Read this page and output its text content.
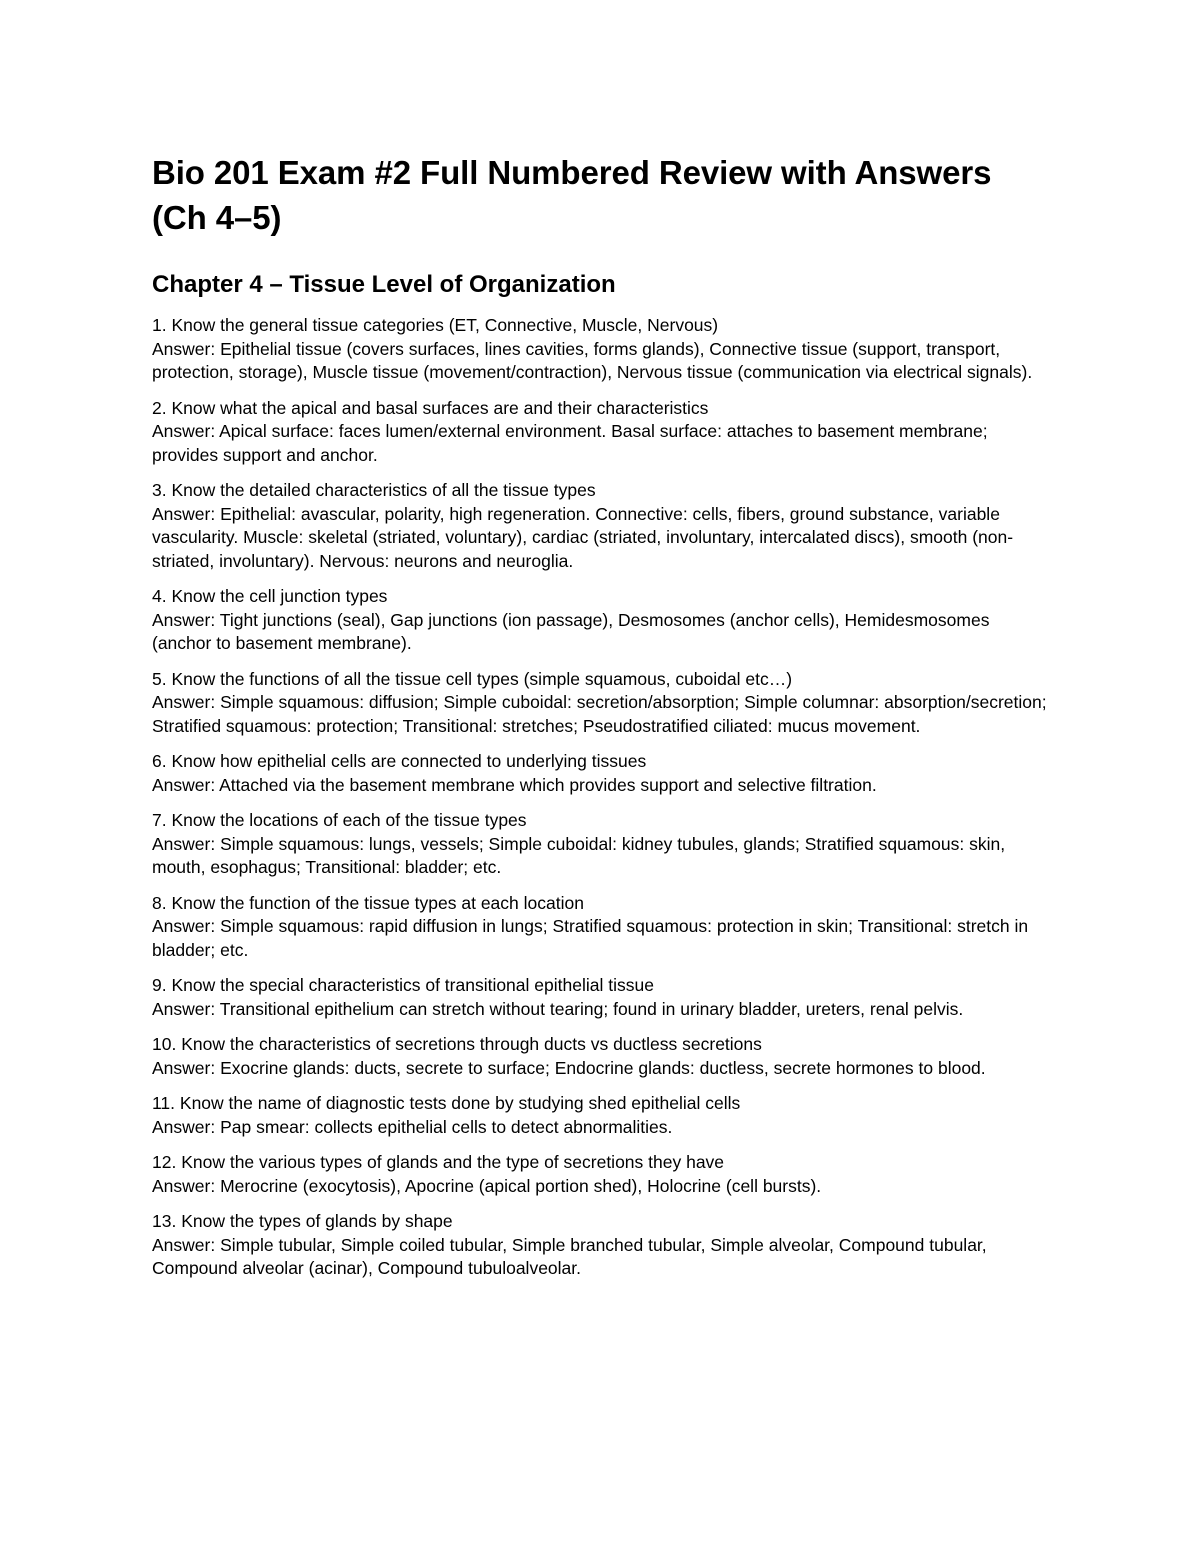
Bio 201 Exam #2 Full Numbered Review with Answers (Ch 4–5)
Chapter 4 – Tissue Level of Organization
1 . Know the general tissue categories (ET, Connective, Muscle, Nervous)
Answer : Epithelial tissue (covers surfaces, lines cavities, forms glands), Connective tissue (support, transport, protection, storage), Muscle tissue (movement/contraction), Nervous tissue (communication via electrical signals).
2 . Know what the apical and basal surfaces are and their characteristics
Answer : Apical surface: faces lumen/external environment. Basal surface: attaches to basement membrane; provides support and anchor.
3 . Know the detailed characteristics of all the tissue types
Answer : Epithelial: avascular, polarity, high regeneration. Connective: cells, fibers, ground substance, variable vascularity. Muscle: skeletal (striated, voluntary), cardiac (striated, involuntary, intercalated discs), smooth (non-striated, involuntary). Nervous: neurons and neuroglia.
4 . Know the cell junction types
Answer : Tight junctions (seal), Gap junctions (ion passage), Desmosomes (anchor cells), Hemidesmosomes (anchor to basement membrane).
5 . Know the functions of all the tissue cell types (simple squamous, cuboidal etc…)
Answer : Simple squamous: diffusion; Simple cuboidal: secretion/absorption; Simple columnar: absorption/secretion; Stratified squamous: protection; Transitional: stretches; Pseudostratified ciliated: mucus movement.
6 . Know how epithelial cells are connected to underlying tissues
Answer : Attached via the basement membrane which provides support and selective filtration.
7 . Know the locations of each of the tissue types
Answer : Simple squamous: lungs, vessels; Simple cuboidal: kidney tubules, glands; Stratified squamous: skin, mouth, esophagus; Transitional: bladder; etc.
8 . Know the function of the tissue types at each location
Answer : Simple squamous: rapid diffusion in lungs; Stratified squamous: protection in skin; Transitional: stretch in bladder; etc.
9 . Know the special characteristics of transitional epithelial tissue
Answer : Transitional epithelium can stretch without tearing; found in urinary bladder, ureters, renal pelvis.
10 . Know the characteristics of secretions through ducts vs ductless secretions
Answer : Exocrine glands: ducts, secrete to surface; Endocrine glands: ductless, secrete hormones to blood.
11 . Know the name of diagnostic tests done by studying shed epithelial cells
Answer : Pap smear: collects epithelial cells to detect abnormalities.
12 . Know the various types of glands and the type of secretions they have
Answer : Merocrine (exocytosis), Apocrine (apical portion shed), Holocrine (cell bursts).
13 . Know the types of glands by shape
Answer : Simple tubular, Simple coiled tubular, Simple branched tubular, Simple alveolar, Compound tubular, Compound alveolar (acinar), Compound tubuloalveolar.
